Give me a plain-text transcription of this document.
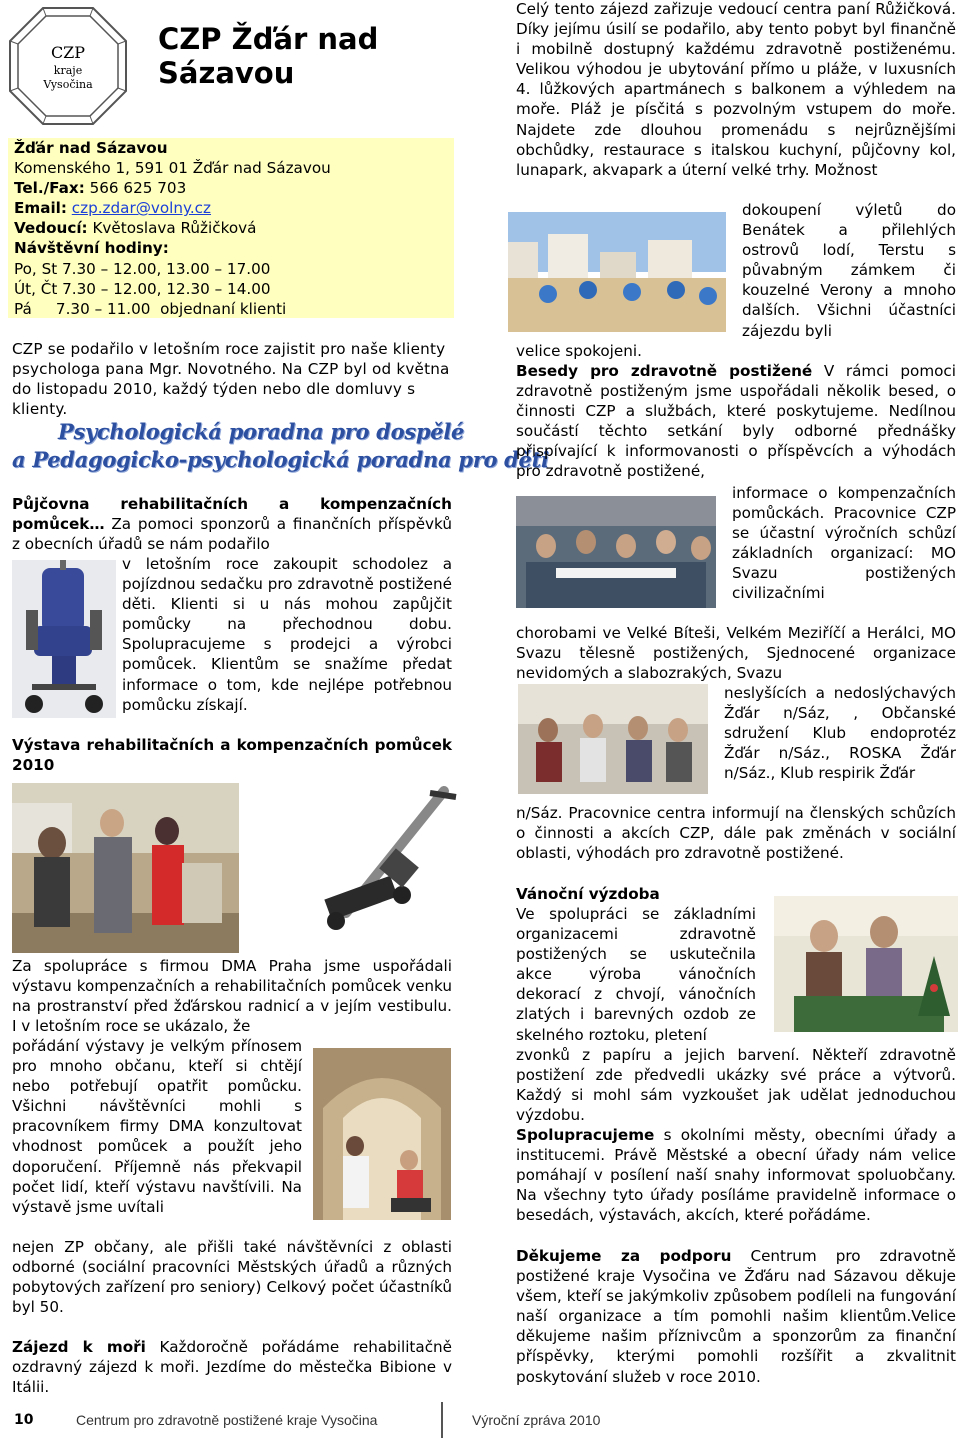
CZP
kraje
Vysočina
CZP Žďár nad Sázavou
Žďár nad Sázavou
Komenského 1, 591 01 Žďár nad Sázavou
Tel./Fax: 566 625 703
Email: czp.zdar@volny.cz
Vedoucí: Květoslava Růžičková
Návštěvní hodiny:
Po, St 7.30 – 12.00, 13.00 – 17.00
Út, Čt 7.30 – 12.00, 12.30 – 14.00
Pá     7.30 – 11.00  objednaní klienti
CZP se podařilo v letošním roce zajistit pro naše klienty psychologa pana Mgr. Novotného. Na CZP byl od května do listopadu 2010, každý týden nebo dle domluvy s klienty.
Psychologická poradna pro dospělé
a Pedagogicko-psychologická poradna pro děti
Půjčovna rehabilitačních a kompenzačních pomůcek… Za pomoci sponzorů a finančních příspěvků z obecních úřadů se nám podařilo
v letošním roce zakoupit schodolez a pojízdnou sedačku pro zdravotně postižené děti. Klienti si u nás mohou zapůjčit pomůcky na přechodnou dobu. Spolupracujeme s prodejci a výrobci pomůcek. Klientům se snažíme předat informace o tom, kde nejlépe potřebnou pomůcku získají.
Výstava rehabilitačních a kompenzačních pomůcek 2010
Za spolupráce s firmou DMA Praha jsme uspořádali výstavu kompenzačních a rehabilitačních pomůcek venku na prostranství před žďárskou radnicí a v jejím vestibulu. I v letošním roce se ukázalo, že
pořádání výstavy je velkým přínosem pro mnoho občanu, kteří si chtějí nebo potřebují opatřit pomůcku. Všichni návštěvníci mohli s pracovníkem firmy DMA konzultovat vhodnost pomůcek a použít jeho doporučení. Příjemně nás překvapil počet lidí, kteří výstavu navštívili. Na výstavě jsme uvítali
nejen ZP občany, ale přišli také návštěvníci z oblasti odborné (sociální pracovníci Městských úřadů a různých pobytových zařízení pro seniory) Celkový počet účastníků byl 50.
Zájezd k moři Každoročně pořádáme rehabilitačně ozdravný zájezd k moři. Jezdíme do městečka Bibione v Itálii.
Celý tento zájezd zařizuje vedoucí centra paní Růžičková. Díky jejímu úsilí se podařilo, aby tento pobyt byl finančně i mobilně dostupný každému zdravotně postiženému. Velikou výhodou je ubytování přímo u pláže, v luxusních 4. lůžkových apartmánech s balkonem a výhledem na moře. Pláž je písčitá s pozvolným vstupem do moře. Najdete zde dlouhou promenádu s nejrůznějšími obchůdky, restaurace s italskou kuchyní, půjčovny kol, lunapark, akvapark a úterní velké trhy. Možnost
dokoupení výletů do Benátek a přilehlých ostrovů lodí, Terstu s půvabným zámkem či kouzelné Verony a mnoho dalších. Všichni účastníci zájezdu byli
velice spokojeni.
Besedy pro zdravotně postižené V rámci pomoci zdravotně postiženým jsme uspořádali několik besed, o činnosti CZP a službách, které poskytujeme. Nedílnou součástí těchto setkání byly odborné přednášky přispívající k informovanosti o příspěvcích a výhodách pro zdravotně postižené,
informace o kompenzačních pomůckách. Pracovnice CZP se účastní výročních schůzí základních organizací: MO Svazu postižených civilizačními
chorobami ve Velké Bíteši, Velkém Meziříčí a Herálci, MO Svazu tělesně postižených, Sjednocené organizace nevidomých a slabozrakých, Svazu
neslyšících a nedoslýchavých Žďár n/Sáz, , Občanské sdružení Klub endoprotéz Žďár n/Sáz., ROSKA Žďár n/Sáz., Klub respirik Žďár
n/Sáz. Pracovnice centra informují na členských schůzích o činnosti a akcích CZP, dále pak změnách v sociální oblasti, výhodách pro zdravotně postižené.
Vánoční výzdoba
Ve spolupráci se základními organizacemi zdravotně postižených se uskutečnila akce výroba vánočních dekorací z chvojí, vánočních zlatých i barevných ozdob ze skelného roztoku, pletení
zvonků z papíru a jejich barvení. Někteří zdravotně postižení zde předvedli ukázky své práce a výtvorů. Každý si mohl sám vyzkoušet jak udělat jednoduchou výzdobu.
Spolupracujeme s okolními městy, obecními úřady a institucemi. Právě Městské a obecní úřady nám velice pomáhají v posílení naší snahy informovat spoluobčany. Na všechny tyto úřady posíláme pravidelně informace o besedách, výstavách, akcích, které pořádáme.
Děkujeme za podporu Centrum pro zdravotně postižené kraje Vysočina ve Žďáru nad Sázavou děkuje všem, kteří se jakýmkoliv způsobem podíleli na fungování naší organizace a tím pomohli našim klientům.Velice děkujeme našim příznivcům a sponzorům za finanční příspěvky, kterými pomohli rozšířit a zkvalitnit poskytování služeb v roce 2010.
10	Centrum pro zdravotně postižené kraje Vysočina	Výroční zpráva 2010
